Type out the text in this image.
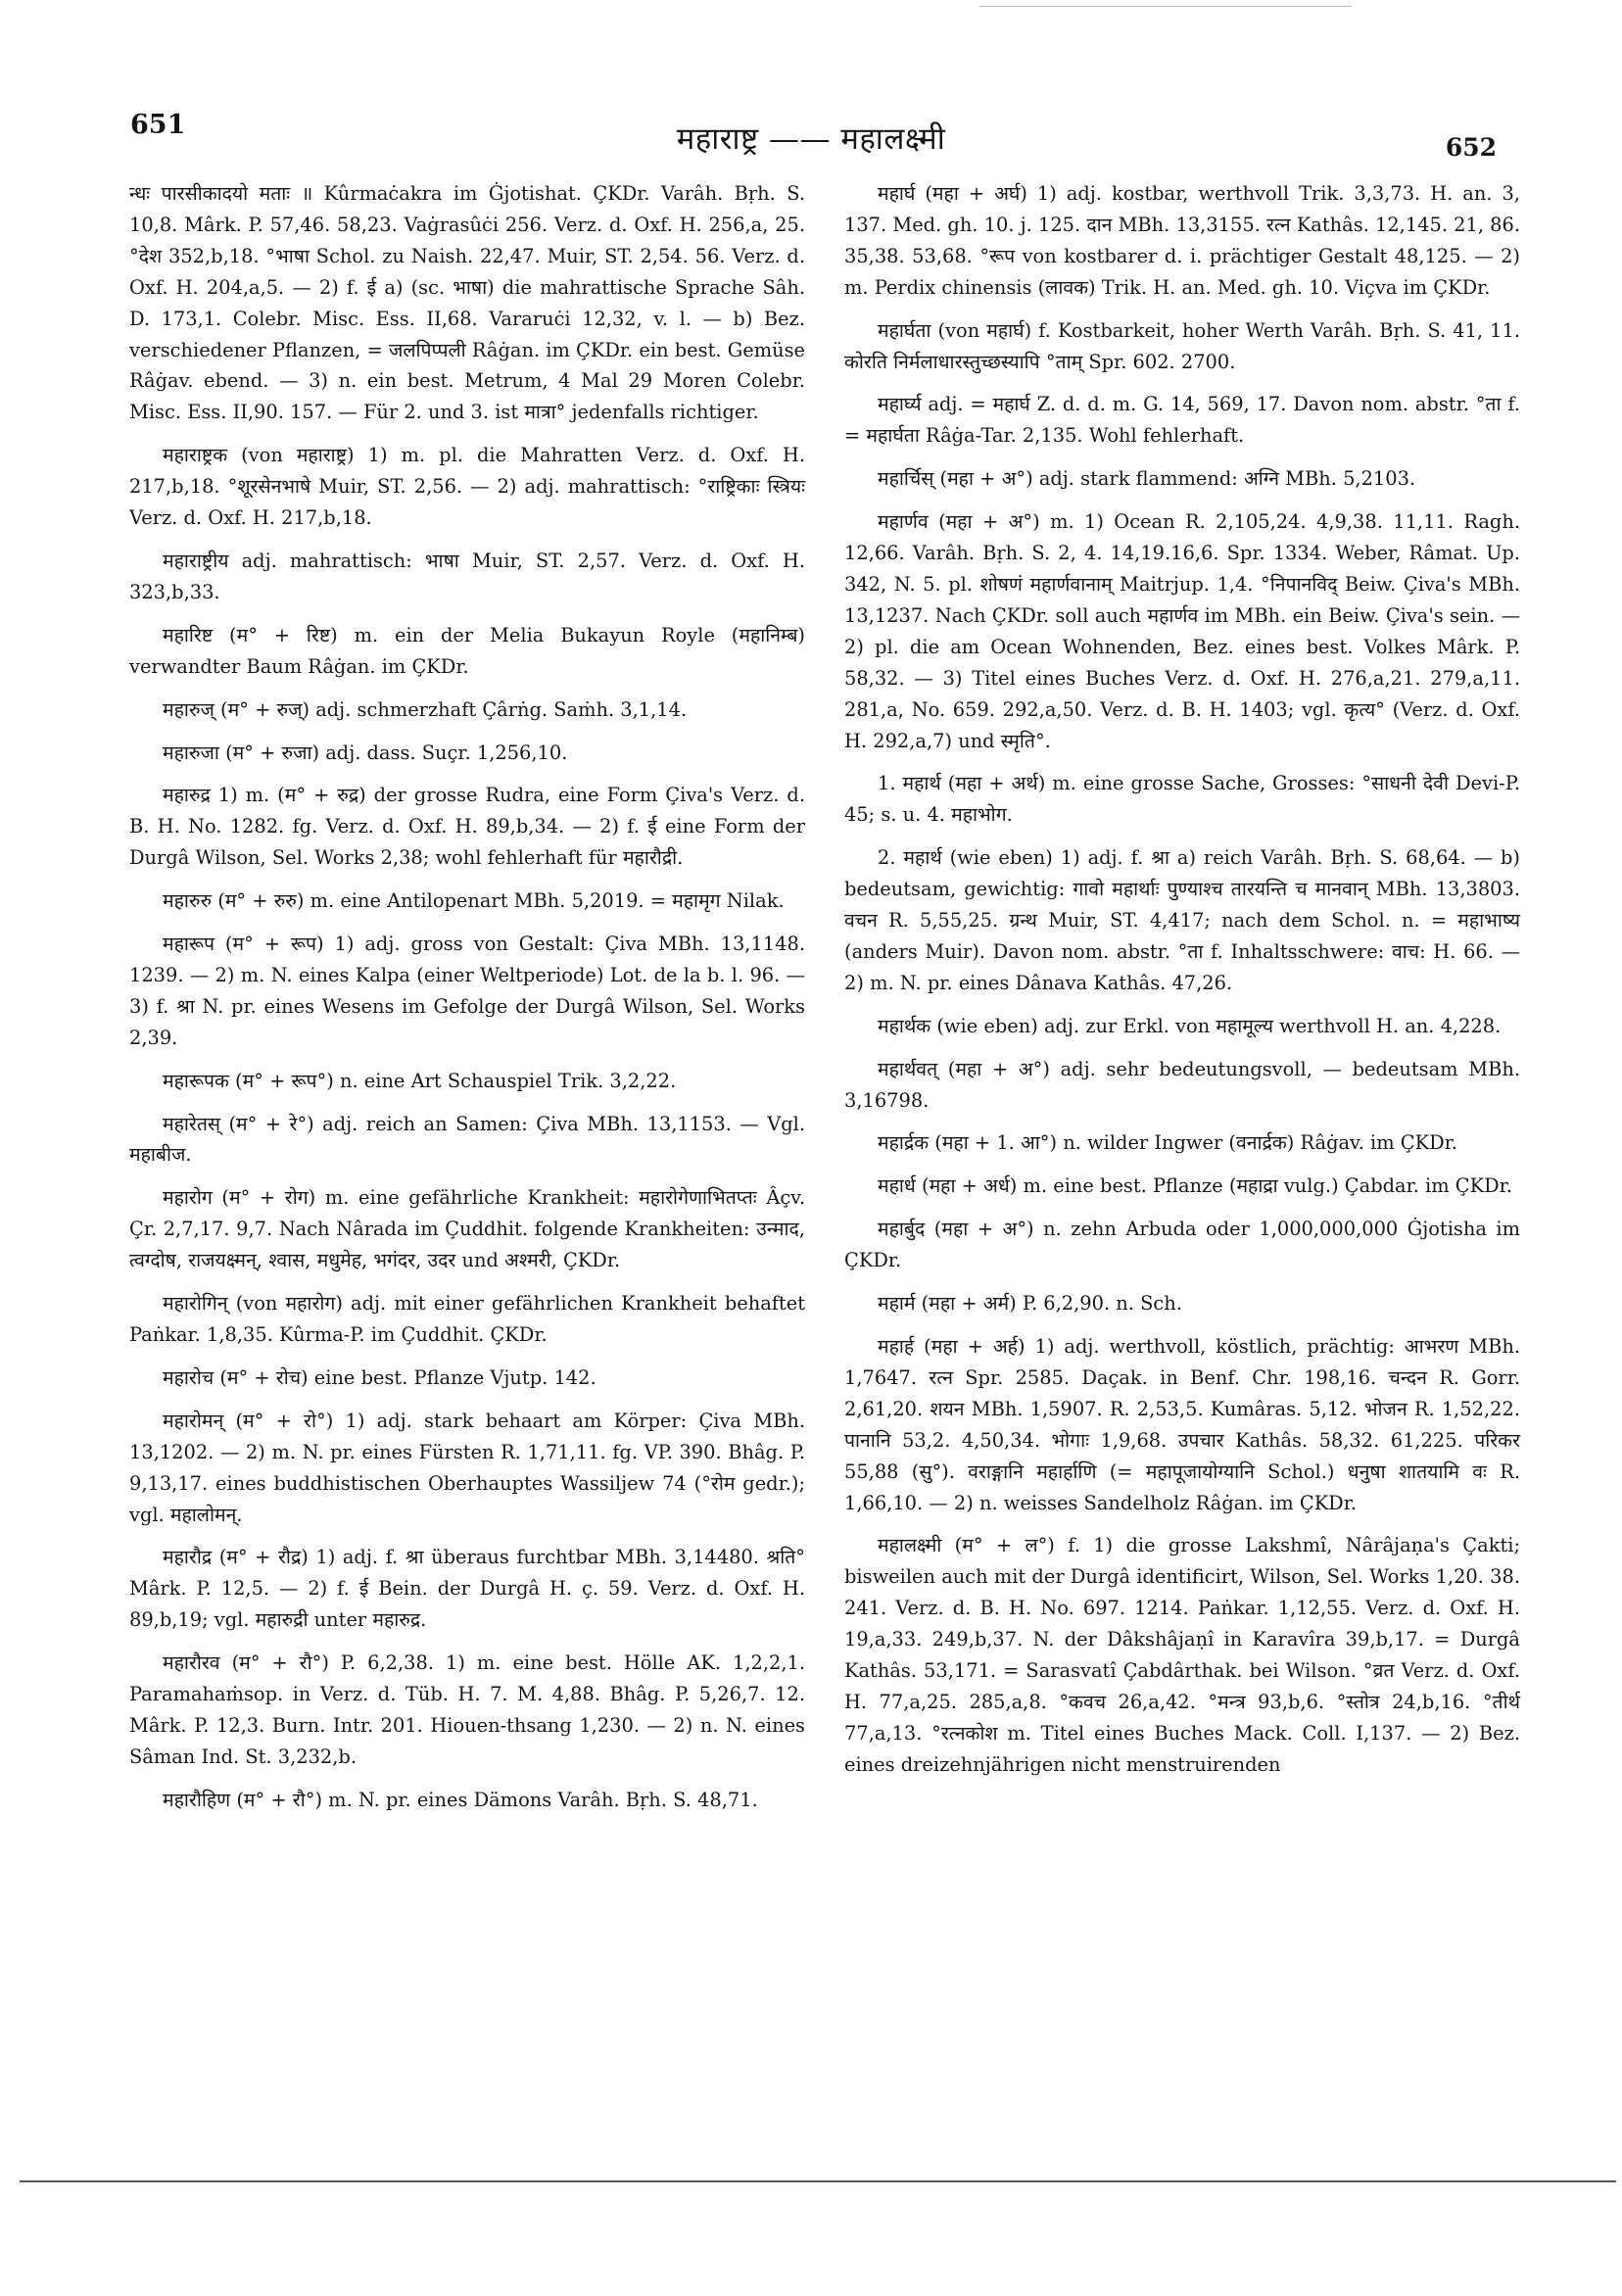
651	महाराष्ट्र —— महालक्ष्मी	652

न्धः पारसीकादयो मताः ॥ Kûrmaċakra im Ġjotishat. ÇKDr. Varâh. Bṛh. S. 10,8. Mârk. P. 57,46. 58,23. Vaġrasûċi 256. Verz. d. Oxf. H. 256,a, 25. °देश 352,b,18. °भाषा Schol. zu Naish. 22,47. Muir, ST. 2,54. 56. Verz. d. Oxf. H. 204,a,5. — 2) f. ई a) (sc. भाषा) die mahrattische Sprache Sâh. D. 173,1. Colebr. Misc. Ess. II,68. Vararuċi 12,32, v. l. — b) Bez. verschiedener Pflanzen, = जलपिप्पली Râġan. im ÇKDr. ein best. Gemüse Râġav. ebend. — 3) n. ein best. Metrum, 4 Mal 29 Moren Colebr. Misc. Ess. II,90. 157. — Für 2. und 3. ist मात्रा° jedenfalls richtiger.

महाराष्ट्रक (von महाराष्ट्र) 1) m. pl. die Mahratten Verz. d. Oxf. H. 217,b,18. °शूरसेनभाषे Muir, ST. 2,56. — 2) adj. mahrattisch: °राष्ट्रिकाः स्त्रियः Verz. d. Oxf. H. 217,b,18.

महाराष्ट्रीय adj. mahrattisch: भाषा Muir, ST. 2,57. Verz. d. Oxf. H. 323,b,33.

महारिष्ट (म° + रिष्ट) m. ein der Melia Bukayun Royle (महानिम्ब) verwandter Baum Râġan. im ÇKDr.

महारुज् (म° + रुज्) adj. schmerzhaft Çârṅg. Saṁh. 3,1,14.

महारुजा (म° + रुजा) adj. dass. Suçr. 1,256,10.

महारुद्र 1) m. (म° + रुद्र) der grosse Rudra, eine Form Çiva's Verz. d. B. H. No. 1282. fg. Verz. d. Oxf. H. 89,b,34. — 2) f. ई eine Form der Durgâ Wilson, Sel. Works 2,38; wohl fehlerhaft für महारौद्री.

महारुरु (म° + रुरु) m. eine Antilopenart MBh. 5,2019. = महामृग Nilak.

महारूप (म° + रूप) 1) adj. gross von Gestalt: Çiva MBh. 13,1148. 1239. — 2) m. N. eines Kalpa (einer Weltperiode) Lot. de la b. l. 96. — 3) f. श्रा N. pr. eines Wesens im Gefolge der Durgâ Wilson, Sel. Works 2,39.

महारूपक (म° + रूप°) n. eine Art Schauspiel Trik. 3,2,22.

महारेतस् (म° + रे°) adj. reich an Samen: Çiva MBh. 13,1153. — Vgl. महाबीज.

महारोग (म° + रोग) m. eine gefährliche Krankheit: महारोगेणाभितप्तः Âçv. Çr. 2,7,17. 9,7. Nach Nârada im Çuddhit. folgende Krankheiten: उन्माद, त्वग्दोष, राजयक्ष्मन्, श्वास, मधुमेह, भगंदर, उदर und अश्मरी, ÇKDr.

महारोगिन् (von महारोग) adj. mit einer gefährlichen Krankheit behaftet Paṅkar. 1,8,35. Kûrma-P. im Çuddhit. ÇKDr.

महारोच (म° + रोच) eine best. Pflanze Vjutp. 142.

महारोमन् (म° + रो°) 1) adj. stark behaart am Körper: Çiva MBh. 13,1202. — 2) m. N. pr. eines Fürsten R. 1,71,11. fg. VP. 390. Bhâg. P. 9,13,17. eines buddhistischen Oberhauptes Wassiljew 74 (°रोम gedr.); vgl. महालोमन्.

महारौद्र (म° + रौद्र) 1) adj. f. श्रा überaus furchtbar MBh. 3,14480. श्रति° Mârk. P. 12,5. — 2) f. ई Bein. der Durgâ H. ç. 59. Verz. d. Oxf. H. 89,b,19; vgl. महारुद्री unter महारुद्र.

महारौरव (म° + रौ°) P. 6,2,38. 1) m. eine best. Hölle AK. 1,2,2,1. Paramahaṁsop. in Verz. d. Tüb. H. 7. M. 4,88. Bhâg. P. 5,26,7. 12. Mârk. P. 12,3. Burn. Intr. 201. Hiouen-thsang 1,230. — 2) n. N. eines Sâman Ind. St. 3,232,b.

महारौहिण (म° + रौ°) m. N. pr. eines Dämons Varâh. Bṛh. S. 48,71.

महार्घ (महा + अर्घ) 1) adj. kostbar, werthvoll Trik. 3,3,73. H. an. 3, 137. Med. gh. 10. j. 125. दान MBh. 13,3155. रत्न Kathâs. 12,145. 21, 86. 35,38. 53,68. °रूप von kostbarer d. i. prächtiger Gestalt 48,125. — 2) m. Perdix chinensis (लावक) Trik. H. an. Med. gh. 10. Viçva im ÇKDr.

महार्घता (von महार्घ) f. Kostbarkeit, hoher Werth Varâh. Bṛh. S. 41, 11. कोरति निर्मलाधारस्तुच्छस्यापि °ताम् Spr. 602. 2700.

महार्घ्य adj. = महार्घ Z. d. d. m. G. 14, 569, 17. Davon nom. abstr. °ता f. = महार्घता Râġa-Tar. 2,135. Wohl fehlerhaft.

महार्चिस् (महा + अ°) adj. stark flammend: अग्नि MBh. 5,2103.

महार्णव (महा + अ°) m. 1) Ocean R. 2,105,24. 4,9,38. 11,11. Ragh. 12,66. Varâh. Bṛh. S. 2, 4. 14,19.16,6. Spr. 1334. Weber, Râmat. Up. 342, N. 5. pl. शोषणं महार्णवानाम् Maitrjup. 1,4. °निपानविद् Beiw. Çiva's MBh. 13,1237. Nach ÇKDr. soll auch महार्णव im MBh. ein Beiw. Çiva's sein. — 2) pl. die am Ocean Wohnenden, Bez. eines best. Volkes Mârk. P. 58,32. — 3) Titel eines Buches Verz. d. Oxf. H. 276,a,21. 279,a,11. 281,a, No. 659. 292,a,50. Verz. d. B. H. 1403; vgl. कृत्य° (Verz. d. Oxf. H. 292,a,7) und स्मृति°.

1. महार्थ (महा + अर्थ) m. eine grosse Sache, Grosses: °साधनी देवी Devi-P. 45; s. u. 4. महाभोग.

2. महार्थ (wie eben) 1) adj. f. श्रा a) reich Varâh. Bṛh. S. 68,64. — b) bedeutsam, gewichtig: गावो महार्थाः पुण्याश्च तारयन्ति च मानवान् MBh. 13,3803. वचन R. 5,55,25. ग्रन्थ Muir, ST. 4,417; nach dem Schol. n. = महाभाष्य (anders Muir). Davon nom. abstr. °ता f. Inhaltsschwere: वाच: H. 66. — 2) m. N. pr. eines Dânava Kathâs. 47,26.

महार्थक (wie eben) adj. zur Erkl. von महामूल्य werthvoll H. an. 4,228.

महार्थवत् (महा + अ°) adj. sehr bedeutungsvoll, — bedeutsam MBh. 3,16798.

महार्द्रक (महा + 1. आ°) n. wilder Ingwer (वनार्द्रक) Râġav. im ÇKDr.

महार्ध (महा + अर्ध) m. eine best. Pflanze (महाद्रा vulg.) Çabdar. im ÇKDr.

महार्बुद (महा + अ°) n. zehn Arbuda oder 1,000,000,000 Ġjotisha im ÇKDr.

महार्म (महा + अर्म) P. 6,2,90. n. Sch.

महार्ह (महा + अर्ह) 1) adj. werthvoll, köstlich, prächtig: आभरण MBh. 1,7647. रत्न Spr. 2585. Daçak. in Benf. Chr. 198,16. चन्दन R. Gorr. 2,61,20. शयन MBh. 1,5907. R. 2,53,5. Kumâras. 5,12. भोजन R. 1,52,22. पानानि 53,2. 4,50,34. भोगाः 1,9,68. उपचार Kathâs. 58,32. 61,225. परिकर 55,88 (सु°). वराङ्गानि महार्हाणि (= महापूजायोग्यानि Schol.) धनुषा शातयामि वः R. 1,66,10. — 2) n. weisses Sandelholz Râġan. im ÇKDr.

महालक्ष्मी (म° + ल°) f. 1) die grosse Lakshmî, Nârâjaṇa's Çakti; bisweilen auch mit der Durgâ identificirt, Wilson, Sel. Works 1,20. 38. 241. Verz. d. B. H. No. 697. 1214. Paṅkar. 1,12,55. Verz. d. Oxf. H. 19,a,33. 249,b,37. N. der Dâkshâjaṇî in Karavîra 39,b,17. = Durgâ Kathâs. 53,171. = Sarasvatî Çabdârthak. bei Wilson. °व्रत Verz. d. Oxf. H. 77,a,25. 285,a,8. °कवच 26,a,42. °मन्त्र 93,b,6. °स्तोत्र 24,b,16. °तीर्थ 77,a,13. °रत्नकोश m. Titel eines Buches Mack. Coll. I,137. — 2) Bez. eines dreizehnjährigen nicht menstruirenden
